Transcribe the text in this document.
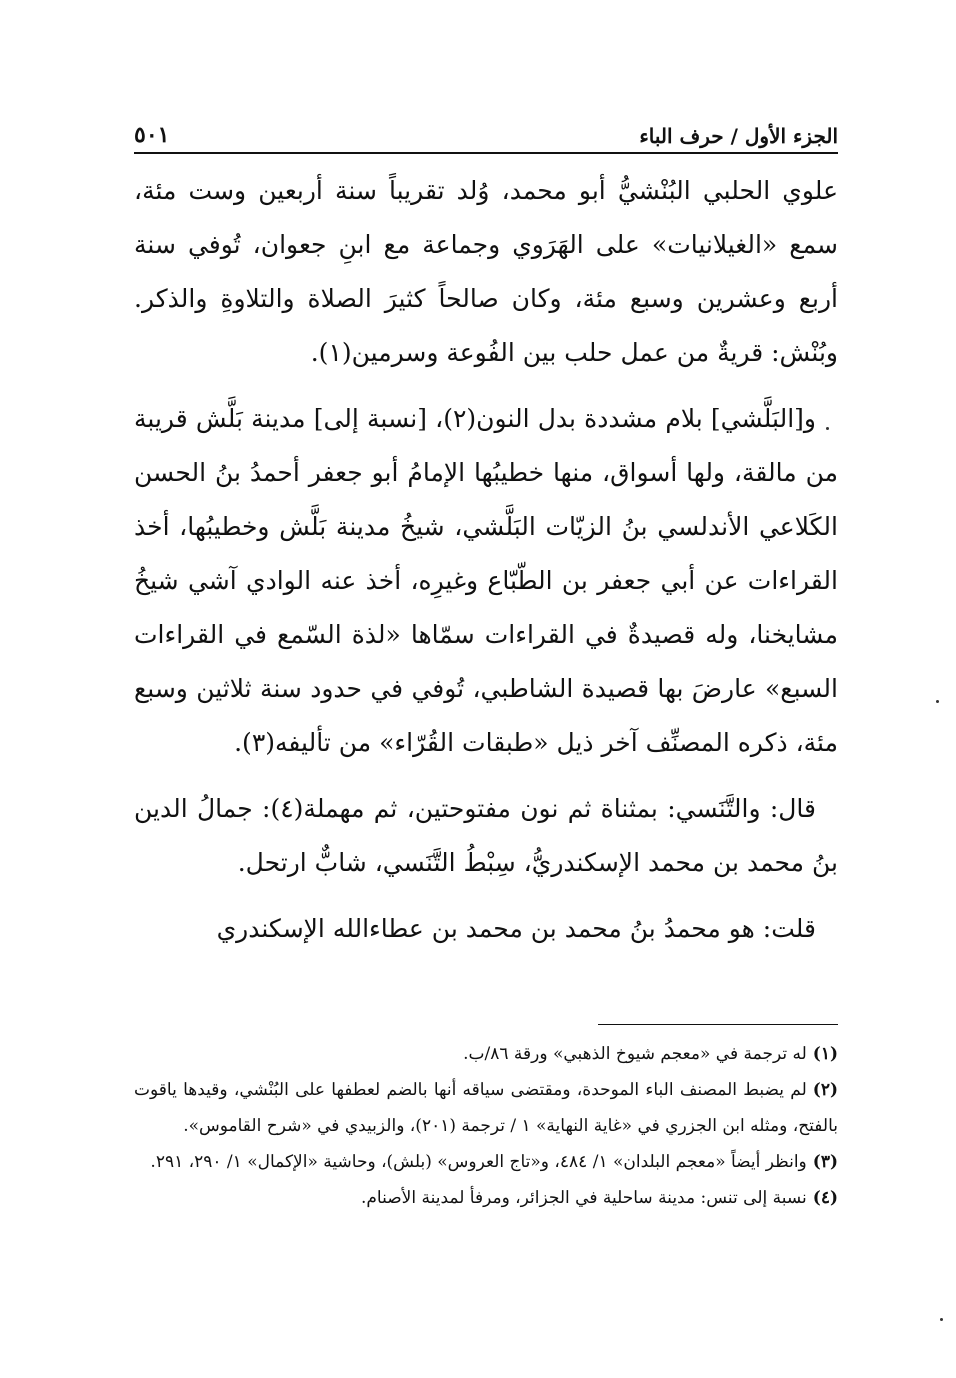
الجزء الأول / حرف الباء
٥٠١

علوي الحلبي البُنْشيُّ أبو محمد، وُلد تقريباً سنة أربعين وست مئة، سمع «الغيلانيات» على الهَرَوي وجماعة مع ابنِ جعوان، تُوفي سنة أربع وعشرين وسبع مئة، وكان صالحاً كثيرَ الصلاة والتلاوةِ والذكر. وبُنْش: قريةٌ من عمل حلب بين الفُوعة وسرمين(١).

و[البَلَّشي] بلام مشددة بدل النون(٢)، [نسبة إلى] مدينة بَلَّش قريبة من مالقة، ولها أسواق، منها خطيبُها الإمامُ أبو جعفر أحمدُ بنُ الحسن الكَلاعي الأندلسي بنُ الزيّات البَلَّشي، شيخُ مدينة بَلَّش وخطيبُها، أخذ القراءات عن أبي جعفر بن الطّبّاع وغيرِه، أخذ عنه الوادي آشي شيخُ مشايخنا، وله قصيدةٌ في القراءات سمّاها «لذة السّمع في القراءات السبع» عارضَ بها قصيدة الشاطبي، تُوفي في حدود سنة ثلاثين وسبع مئة، ذكره المصنِّف آخر ذيل «طبقات القُرّاء» من تأليفه(٣).

قال: والتَّنَسي: بمثناة ثم نون مفتوحتين، ثم مهملة(٤): جمالُ الدين بنُ محمد بن محمد الإسكندريُّ، سِبْطُ التَّنَسي، شابٌّ ارتحل.

قلت: هو محمدُ بنُ محمد بن محمد بن عطاءالله الإسكندري

(١)له ترجمة في «معجم شيوخ الذهبي» ورقة ٨٦/ب.

(٢)لم يضبط المصنف الباء الموحدة، ومقتضى سياقه أنها بالضم لعطفها على البُنْشي، وقيدها ياقوت بالفتح، ومثله ابن الجزري في «غاية النهاية» ١ / ترجمة (٢٠١)، والزبيدي في «شرح القاموس».

(٣)وانظر أيضاً «معجم البلدان» ١/ ٤٨٤، و«تاج العروس» (بلش)، وحاشية «الإكمال» ١/ ٢٩٠، ٢٩١.

(٤)نسبة إلى تنس: مدينة ساحلية في الجزائر، ومرفأ لمدينة الأصنام.
